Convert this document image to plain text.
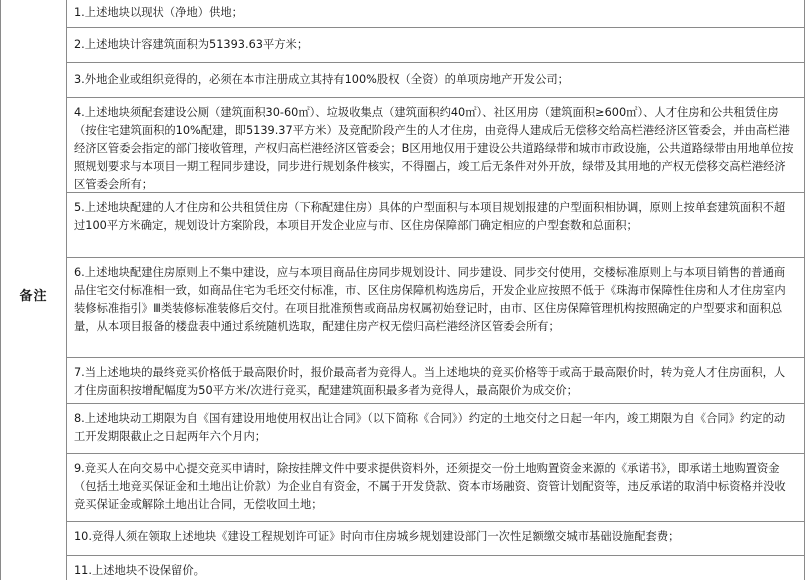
备注
1.上述地块以现状（净地）供地；
2.上述地块计容建筑面积为51393.63平方米；
3.外地企业或组织竞得的，必须在本市注册成立其持有100%股权（全资）的单项房地产开发公司；
4.上述地块须配套建设公厕（建筑面积30-60㎡）、垃圾收集点（建筑面积约40㎡）、社区用房（建筑面积≥600㎡）、人才住房和公共租赁住房（按住宅建筑面积的10%配建，即5139.37平方米）及竞配阶段产生的人才住房，由竞得人建成后无偿移交给高栏港经济区管委会，并由高栏港经济区管委会指定的部门接收管理，产权归高栏港经济区管委会；B区用地仅用于建设公共道路绿带和城市市政设施，公共道路绿带由用地单位按照规划要求与本项目一期工程同步建设，同步进行规划条件核实，不得圈占，竣工后无条件对外开放，绿带及其用地的产权无偿移交高栏港经济区管委会所有；
5.上述地块配建的人才住房和公共租赁住房（下称配建住房）具体的户型面积与本项目规划报建的户型面积相协调，原则上按单套建筑面积不超过100平方米确定，规划设计方案阶段，本项目开发企业应与市、区住房保障部门确定相应的户型套数和总面积；
6.上述地块配建住房原则上不集中建设，应与本项目商品住房同步规划设计、同步建设、同步交付使用，交楼标准原则上与本项目销售的普通商品住宅交付标准相一致，如商品住宅为毛坯交付标准，市、区住房保障机构选房后，开发企业应按照不低于《珠海市保障性住房和人才住房室内装修标准指引》Ⅲ类装修标准装修后交付。在项目批准预售或商品房权属初始登记时，由市、区住房保障管理机构按照确定的户型要求和面积总量，从本项目报备的楼盘表中通过系统随机选取，配建住房产权无偿归高栏港经济区管委会所有；
7.当上述地块的最终竞买价格低于最高限价时，报价最高者为竞得人。当上述地块的竞买价格等于或高于最高限价时，转为竞人才住房面积，人才住房面积按增配幅度为50平方米/次进行竞买，配建建筑面积最多者为竞得人，最高限价为成交价；
8.上述地块动工期限为自《国有建设用地使用权出让合同》（以下简称《合同》）约定的土地交付之日起一年内，竣工期限为自《合同》约定的动工开发期限截止之日起两年六个月内；
9.竞买人在向交易中心提交竞买申请时，除按挂牌文件中要求提供资料外，还须提交一份土地购置资金来源的《承诺书》，即承诺土地购置资金（包括土地竞买保证金和土地出让价款）为企业自有资金，不属于开发贷款、资本市场融资、资管计划配资等，违反承诺的取消中标资格并没收竞买保证金或解除土地出让合同，无偿收回土地；
10.竞得人须在领取上述地块《建设工程规划许可证》时向市住房城乡规划建设部门一次性足额缴交城市基础设施配套费；
11.上述地块不设保留价。
